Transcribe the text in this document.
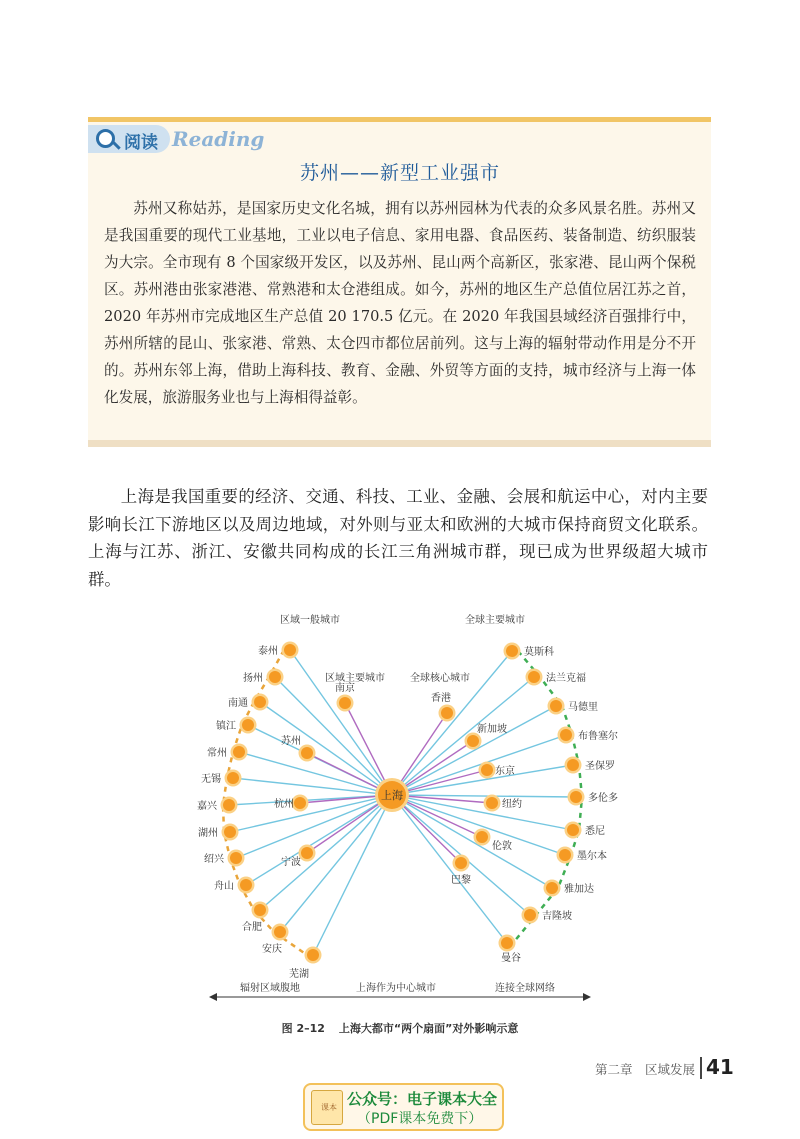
阅读 Reading
苏州——新型工业强市

苏州又称姑苏，是国家历史文化名城，拥有以苏州园林为代表的众多风景名胜。苏州又是我国重要的现代工业基地，工业以电子信息、家用电器、食品医药、装备制造、纺织服装为大宗。全市现有 8 个国家级开发区，以及苏州、昆山两个高新区，张家港、昆山两个保税区。苏州港由张家港港、常熟港和太仓港组成。如今，苏州的地区生产总值位居江苏之首，2020 年苏州市完成地区生产总值 20 170.5 亿元。在 2020 年我国县域经济百强排行中，苏州所辖的昆山、张家港、常熟、太仓四市都位居前列。这与上海的辐射带动作用是分不开的。苏州东邻上海，借助上海科技、教育、金融、外贸等方面的支持，城市经济与上海一体化发展，旅游服务业也与上海相得益彰。

上海是我国重要的经济、交通、科技、工业、金融、会展和航运中心，对内主要影响长江下游地区以及周边地域，对外则与亚太和欧洲的大城市保持商贸文化联系。上海与江苏、浙江、安徽共同构成的长江三角洲城市群，现已成为世界级超大城市群。

泰州
扬州
南通
镇江
常州
无锡
嘉兴
湖州
绍兴
舟山
合肥
安庆
芜湖
南京
苏州
杭州
宁波
香港
新加坡
东京
纽约
伦敦
巴黎
莫斯科
法兰克福
马德里
布鲁塞尔
圣保罗
多伦多
悉尼
墨尔本
雅加达
吉隆坡
曼谷
上海
区域一般城市
区域主要城市	全球核心城市
全球主要城市
辐射区域腹地	上海作为中心城市	连接全球网络
图 2–12 上海大都市“两个扇面”对外影响示意
第二章　区域发展 41
课本 公众号：电子课本大全
（PDF课本免费下）
